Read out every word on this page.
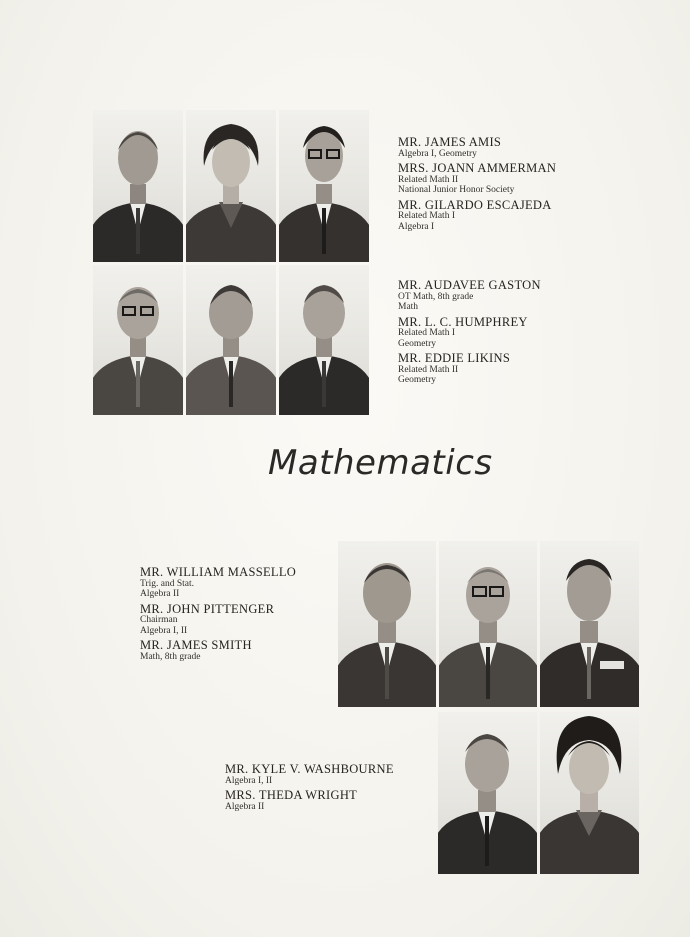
MR. JAMES AMIS
Algebra I, Geometry
MRS. JOANN AMMERMAN
Related Math II
National Junior Honor Society
MR. GILARDO ESCAJEDA
Related Math I
Algebra I
MR. AUDAVEE GASTON
OT Math, 8th grade
Math
MR. L. C. HUMPHREY
Related Math I
Geometry
MR. EDDIE LIKINS
Related Math II
Geometry
Mathematics
MR. WILLIAM MASSELLO
Trig. and Stat.
Algebra II
MR. JOHN PITTENGER
Chairman
Algebra I, II
MR. JAMES SMITH
Math, 8th grade
MR. KYLE V. WASHBOURNE
Algebra I, II
MRS. THEDA WRIGHT
Algebra II
